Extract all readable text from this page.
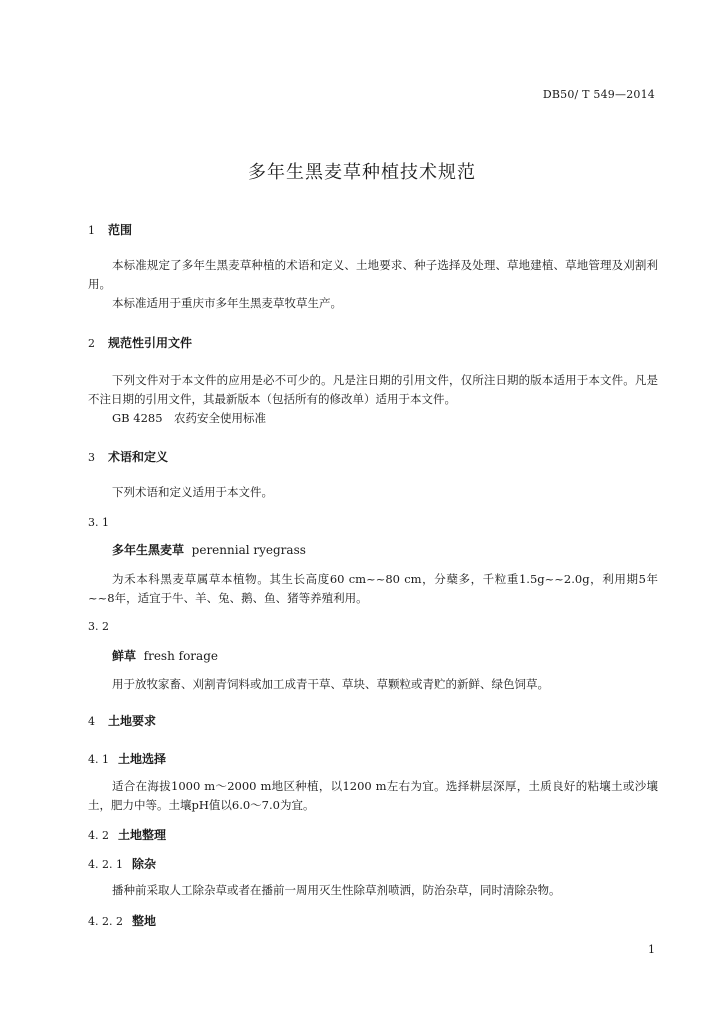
DB50/ T 549—2014
多年生黑麦草种植技术规范
1 范围

本标准规定了多年生黑麦草种植的术语和定义、土地要求、种子选择及处理、草地建植、草地管理及刈割利用。

本标准适用于重庆市多年生黑麦草牧草生产。

2 规范性引用文件

下列文件对于本文件的应用是必不可少的。凡是注日期的引用文件，仅所注日期的版本适用于本文件。凡是不注日期的引用文件，其最新版本（包括所有的修改单）适用于本文件。

GB 4285　农药安全使用标准

3 术语和定义

下列术语和定义适用于本文件。

3. 1
多年生黑麦草 perennial ryegrass

为禾本科黑麦草属草本植物。其生长高度60 cm~~80 cm，分蘖多，千粒重1.5g~~2.0g，利用期5年~~8年，适宜于牛、羊、兔、鹅、鱼、猪等养殖利用。

3. 2
鲜草 fresh forage

用于放牧家畜、刈割青饲料或加工成青干草、草块、草颗粒或青贮的新鲜、绿色饲草。

4 土地要求
4. 1 土地选择

适合在海拔1000 m～2000 m地区种植，以1200 m左右为宜。选择耕层深厚，土质良好的粘壤土或沙壤土，肥力中等。土壤pH值以6.0～7.0为宜。

4. 2 土地整理
4. 2. 1 除杂

播种前采取人工除杂草或者在播前一周用灭生性除草剂喷洒，防治杂草，同时清除杂物。

4. 2. 2 整地
1
